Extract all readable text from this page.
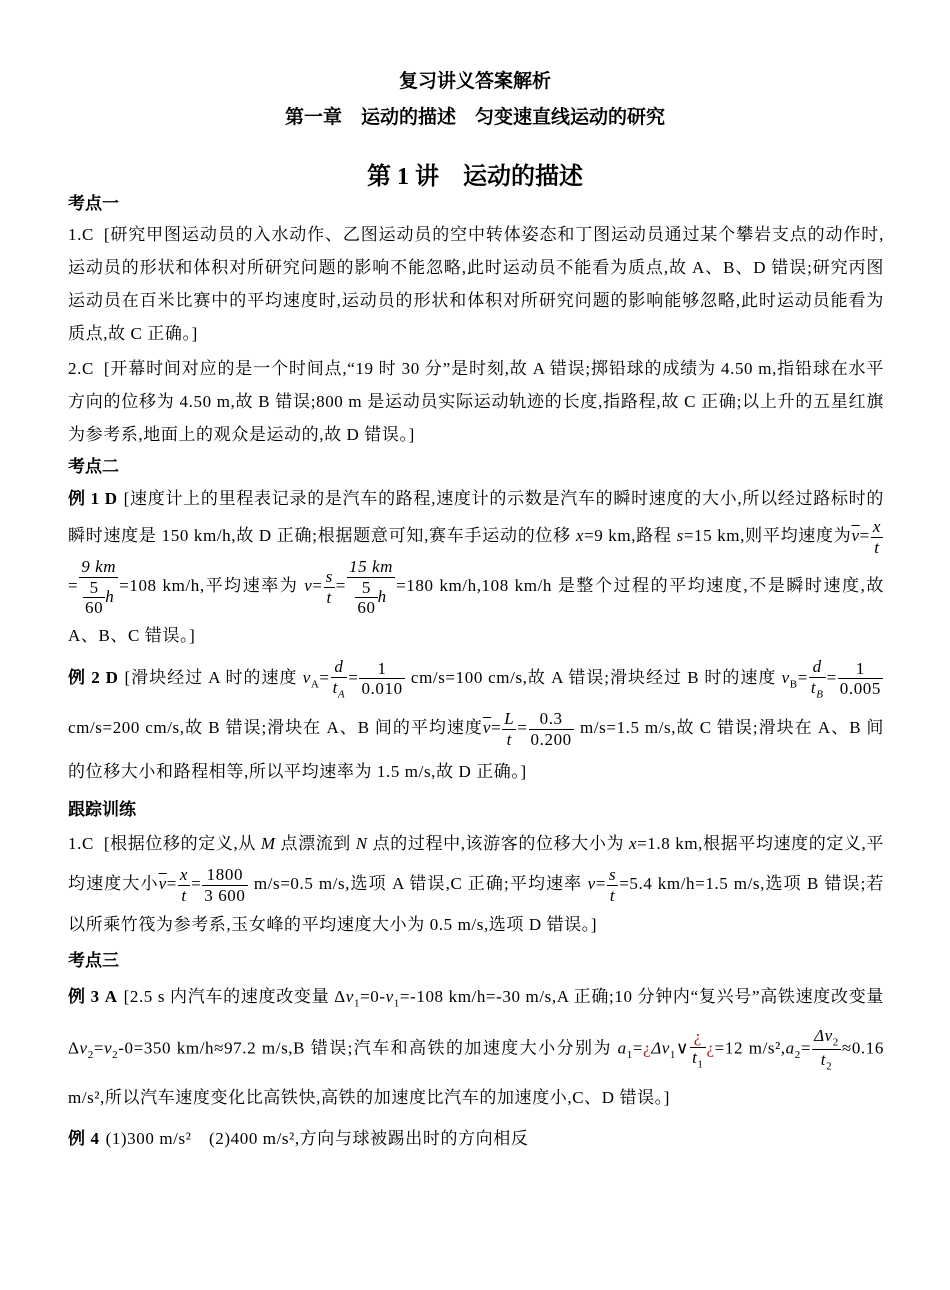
复习讲义答案解析
第一章　运动的描述　匀变速直线运动的研究
第 1 讲　运动的描述

考点一

1.C [研究甲图运动员的入水动作、乙图运动员的空中转体姿态和丁图运动员通过某个攀岩支点的动作时,运动员的形状和体积对所研究问题的影响不能忽略,此时运动员不能看为质点,故 A、B、D 错误;研究丙图运动员在百米比赛中的平均速度时,运动员的形状和体积对所研究问题的影响能够忽略,此时运动员能看为质点,故 C 正确。]

2.C [开幕时间对应的是一个时间点,“19 时 30 分”是时刻,故 A 错误;掷铅球的成绩为 4.50 m,指铅球在水平方向的位移为 4.50 m,故 B 错误;800 m 是运动员实际运动轨迹的长度,指路程,故 C 正确;以上升的五星红旗为参考系,地面上的观众是运动的,故 D 错误。]

考点二

例 1 D [速度计上的里程表记录的是汽车的路程,速度计的示数是汽车的瞬时速度的大小,所以经过路标时的瞬时速度是 150 km/h,故 D 正确;根据题意可知,赛车手运动的位移 x=9 km,路程 s=15 km,则平均速度为$\overline{v}= \frac{x}{t}$
= $\frac{9 km}{\frac{5}{60} h} =108$ km/h,平均速率为 $v= \frac{s}{t} = \frac{15 km}{\frac{5}{60} h} =180$ km/h,108 km/h 是整个过程的平均速度,不是瞬时速度,故 A、B、C 错误。]

例 2 D [滑块经过 A 时的速度 $v_A= \frac{d}{t_A} = \frac{1}{0.010} cm/s=100$ cm/s,故 A 错误;滑块经过 B 时的速度 $v_B= \frac{d}{t_B} = \frac{1}{0.005}$
cm/s=200 cm/s,故 B 错误;滑块在 A、B 间的平均速度$\overline{v}= \frac{L}{t} = \frac{0.3}{0.200} m/s=1.5$ m/s,故 C 错误;滑块在 A、B 间的位移大小和路程相等,所以平均速率为 1.5 m/s,故 D 正确。]

跟踪训练

1.C [根据位移的定义,从 M 点漂流到 N 点的过程中,该游客的位移大小为 x=1.8 km,根据平均速度的定义,平均速度大小$\overline{v}= \frac{x}{t} = \frac{1800}{3 600} m/s=0.5$ m/s,选项 A 错误,C 正确;平均速率 $v= \frac{s}{t} =5.4$ km/h=1.5 m/s,选项 B 错误;若以所乘竹筏为参考系,玉女峰的平均速度大小为 0.5 m/s,选项 D 错误。]

考点三

例 3 A [2.5 s 内汽车的速度改变量 $\Delta v_1=0-v_1=-108$ km/h=-30 m/s,A 正确;10 分钟内“复兴号”高铁速度改变量 $\Delta v_2=v_2-0=350$ km/h≈97.2 m/s,B 错误;汽车和高铁的加速度大小分别为 $a_1=¿\Delta v_1\vee \frac{¿}{t_1}$ ¿=12 $m/s^2,a_2= \frac{\Delta v_2}{t_2} \approx 0.16$ m/s²,所以汽车速度变化比高铁快,高铁的加速度比汽车的加速度小,C、D 错误。]

例 4 (1)300 m/s²　(2)400 m/s²,方向与球被踢出时的方向相反
